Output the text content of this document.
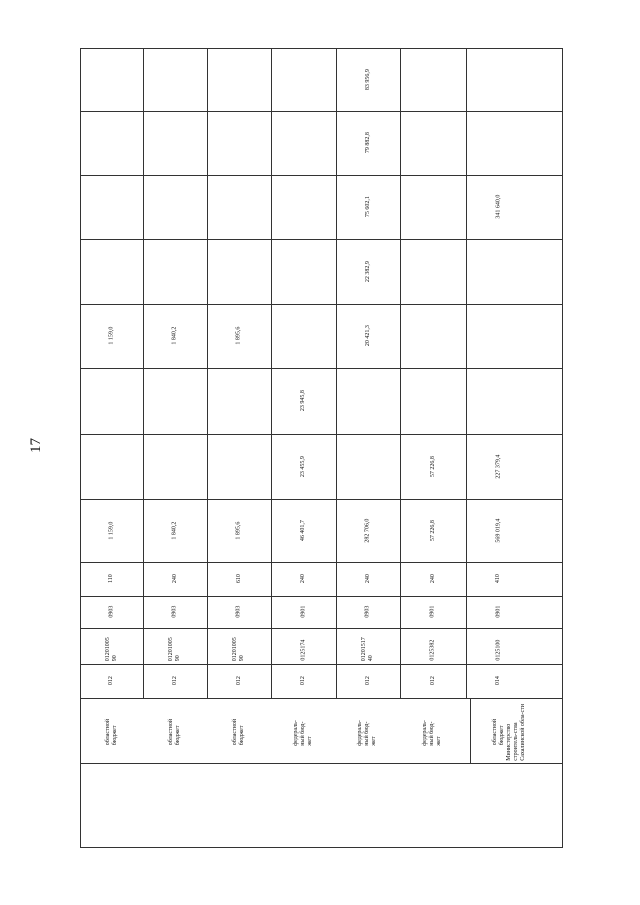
17
1 159,0
1 159,0
110
0903
01201005 90
012
областной бюджет
1 840,2
1 840,2
240
0903
01201005 90
012
областной бюджет
1 895,6
1 895,6
610
0903
01201005 90
012
областной бюджет
23 945,8
23 455,9
46 401,7
240
0901
0125174
012
федераль-ный бюд-жет
83 956,9
79 882,8
75 602,1
22 382,9
20 421,3
282 706,0
240
0903
01201517 40
012
федераль-ный бюд-жет
57 226,8
57 226,8
240
0901
0125382
012
федераль-ный бюд-жет
341 640,0
227 379,4
569 019,4
410
0901
0125100
014
областной бюджет Министерство строитель-ства Сахалинской обла-сти
